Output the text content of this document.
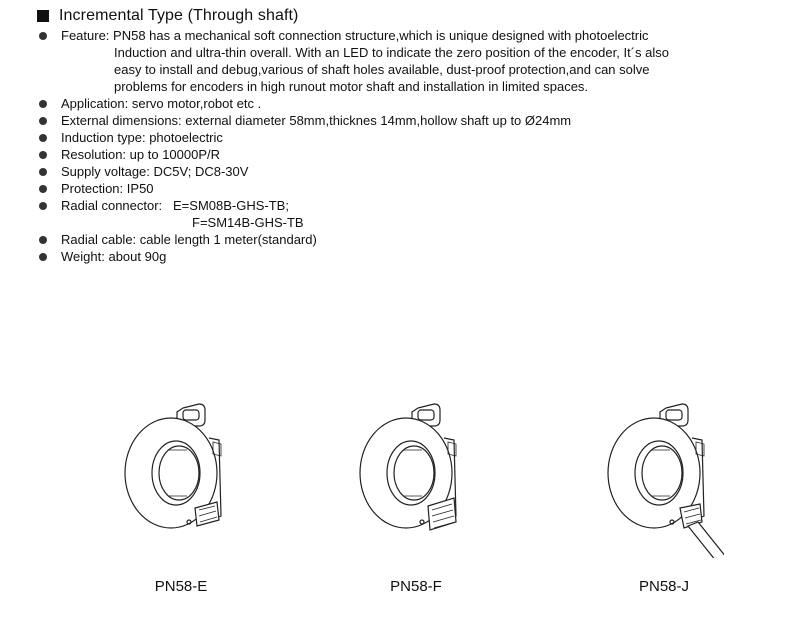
Incremental Type (Through shaft)
Feature: PN58 has a mechanical soft connection structure,which is unique designed with photoelectric
Induction and ultra-thin overall. With an LED to indicate the zero position of the encoder, It´s also
easy to install and debug,various of shaft holes available, dust-proof protection,and can solve
problems for encoders in high runout motor shaft and installation in limited spaces.
Application: servo motor,robot etc .
External dimensions: external diameter 58mm,thicknes 14mm,hollow shaft up to Ø24mm
Induction type: photoelectric
Resolution: up to 10000P/R
Supply voltage: DC5V; DC8-30V
Protection: IP50
Radial connector: E=SM08B-GHS-TB;
F=SM14B-GHS-TB
Radial cable: cable length 1 meter(standard)
Weight: about 90g
PN58-E	PN58-F	PN58-J
